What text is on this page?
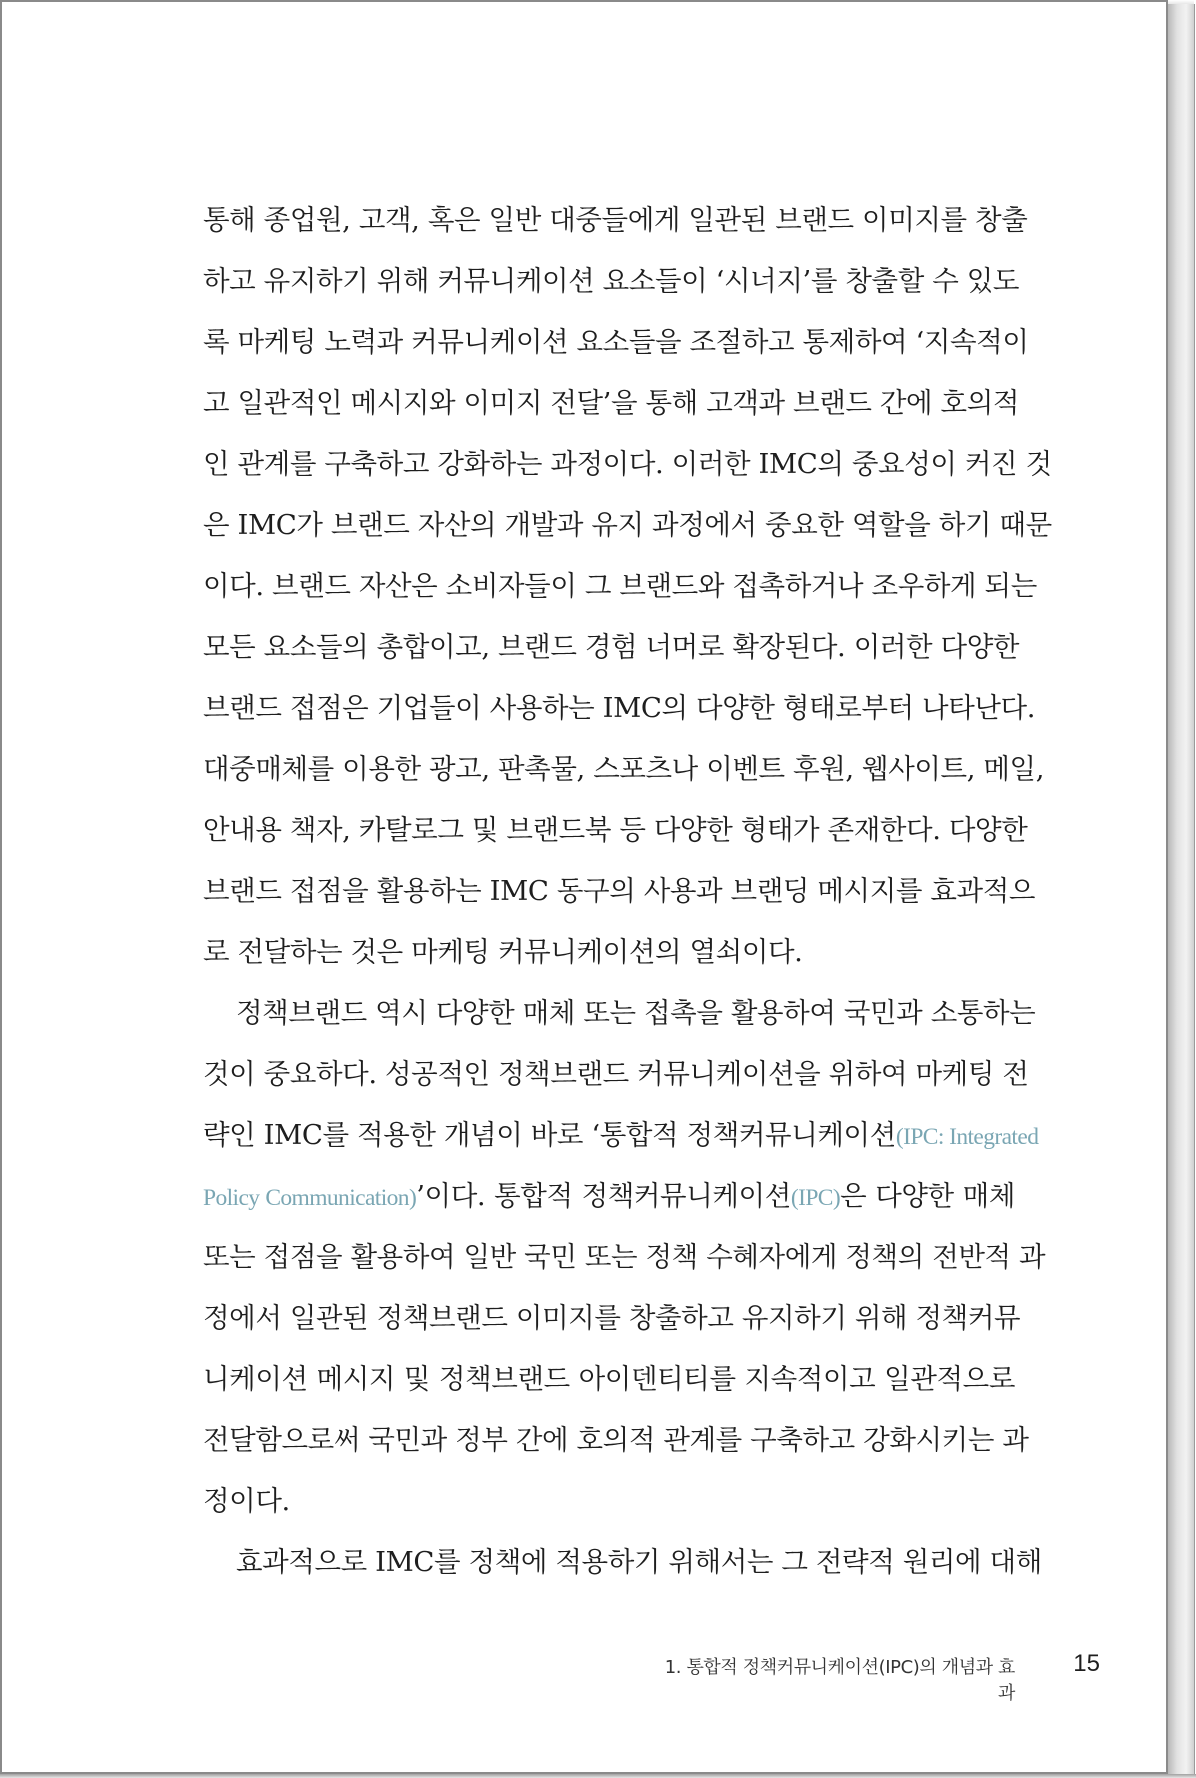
통해 종업원, 고객, 혹은 일반 대중들에게 일관된 브랜드 이미지를 창출
하고 유지하기 위해 커뮤니케이션 요소들이 ‘시너지’를 창출할 수 있도
록 마케팅 노력과 커뮤니케이션 요소들을 조절하고 통제하여 ‘지속적이
고 일관적인 메시지와 이미지 전달’을 통해 고객과 브랜드 간에 호의적
인 관계를 구축하고 강화하는 과정이다. 이러한 IMC의 중요성이 커진 것
은 IMC가 브랜드 자산의 개발과 유지 과정에서 중요한 역할을 하기 때문
이다. 브랜드 자산은 소비자들이 그 브랜드와 접촉하거나 조우하게 되는
모든 요소들의 총합이고, 브랜드 경험 너머로 확장된다. 이러한 다양한
브랜드 접점은 기업들이 사용하는 IMC의 다양한 형태로부터 나타난다.
대중매체를 이용한 광고, 판촉물, 스포츠나 이벤트 후원, 웹사이트, 메일,
안내용 책자, 카탈로그 및 브랜드북 등 다양한 형태가 존재한다. 다양한
브랜드 접점을 활용하는 IMC 동구의 사용과 브랜딩 메시지를 효과적으
로 전달하는 것은 마케팅 커뮤니케이션의 열쇠이다.
정책브랜드 역시 다양한 매체 또는 접촉을 활용하여 국민과 소통하는
것이 중요하다. 성공적인 정책브랜드 커뮤니케이션을 위하여 마케팅 전
략인 IMC를 적용한 개념이 바로 ‘통합적 정책커뮤니케이션(IPC: Integrated
Policy Communication)’이다. 통합적 정책커뮤니케이션(IPC)은 다양한 매체
또는 접점을 활용하여 일반 국민 또는 정책 수혜자에게 정책의 전반적 과
정에서 일관된 정책브랜드 이미지를 창출하고 유지하기 위해 정책커뮤
니케이션 메시지 및 정책브랜드 아이덴티티를 지속적이고 일관적으로
전달함으로써 국민과 정부 간에 호의적 관계를 구축하고 강화시키는 과
정이다.
효과적으로 IMC를 정책에 적용하기 위해서는 그 전략적 원리에 대해
1. 통합적 정책커뮤니케이션(IPC)의 개념과 효과
15
